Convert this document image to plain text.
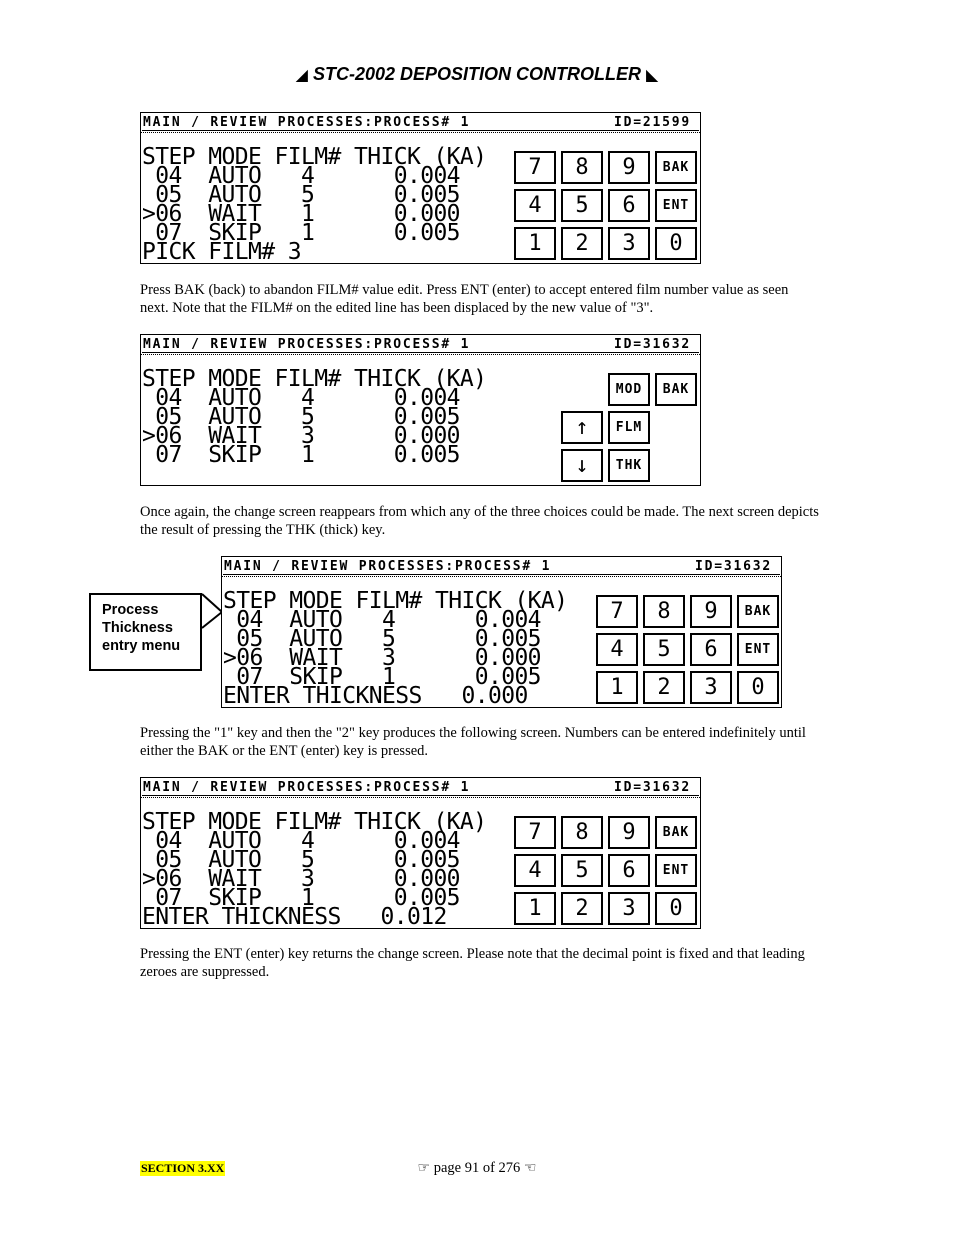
◢ STC-2002 DEPOSITION CONTROLLER ◣
MAIN / REVIEW PROCESSES:PROCESS# 1	ID=21599
STEP MODE FILM# THICK (KA)
04  AUTO   4      0.004
05  AUTO   5      0.005
>06  WAIT   1      0.000
07  SKIP   1      0.005
PICK FILM# 3
7	8	9	BAK
4	5	6	ENT
1	2	3	0
Press BAK (back) to abandon FILM# value edit. Press ENT (enter) to accept entered film number value as seen next. Note that the FILM# on the edited line has been displaced by the new value of "3".
MAIN / REVIEW PROCESSES:PROCESS# 1	ID=31632
STEP MODE FILM# THICK (KA)
04  AUTO   4      0.004
05  AUTO   5      0.005
>06  WAIT   3      0.000
07  SKIP   1      0.005
MOD	BAK
↑	FLM
↓	THK
Once again, the change screen reappears from which any of the three choices could be made. The next screen depicts the result of pressing the THK (thick) key.
Process
Thickness
entry menu
MAIN / REVIEW PROCESSES:PROCESS# 1	ID=31632
STEP MODE FILM# THICK (KA)
04  AUTO   4      0.004
05  AUTO   5      0.005
>06  WAIT   3      0.000
07  SKIP   1      0.005
ENTER THICKNESS   0.000
7	8	9	BAK
4	5	6	ENT
1	2	3	0
Pressing the "1" key and then the "2" key produces the following screen. Numbers can be entered indefinitely until either the BAK or the ENT (enter) key is pressed.
MAIN / REVIEW PROCESSES:PROCESS# 1	ID=31632
STEP MODE FILM# THICK (KA)
04  AUTO   4      0.004
05  AUTO   5      0.005
>06  WAIT   3      0.000
07  SKIP   1      0.005
ENTER THICKNESS   0.012
7	8	9	BAK
4	5	6	ENT
1	2	3	0
Pressing the ENT (enter) key returns the change screen. Please note that the decimal point is fixed and that leading zeroes are suppressed.
SECTION 3.XX	☞ page 91 of 276 ☜
